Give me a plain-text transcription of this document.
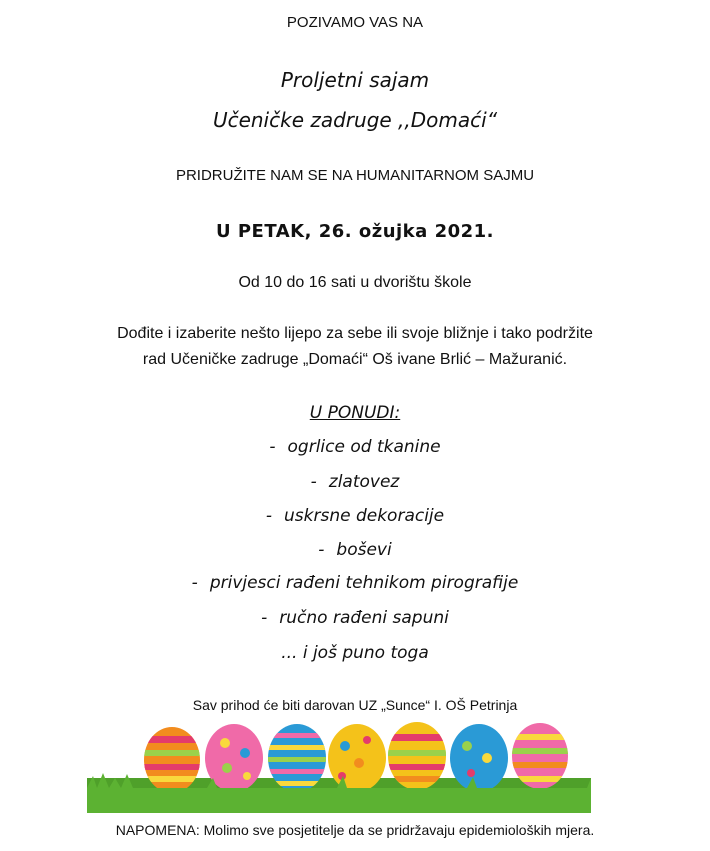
POZIVAMO VAS NA
Proljetni sajam
Učeničke zadruge ,,Domaći“
PRIDRUŽITE NAM SE NA HUMANITARNOM SAJMU
U PETAK, 26. ožujka 2021.
Od 10 do 16 sati u dvorištu škole
Dođite i izaberite nešto lijepo za sebe ili svoje bližnje i tako podržite
rad Učeničke zadruge „Domaći“ Oš ivane Brlić – Mažuranić.
U PONUDI:
- ogrlice od tkanine
- zlatovez
- uskrsne dekoracije
- boševi
- privjesci rađeni tehnikom pirografije
- ručno rađeni sapuni
... i još puno toga
Sav prihod će biti darovan UZ „Sunce“ I. OŠ Petrinja
NAPOMENA: Molimo sve posjetitelje da se pridržavaju epidemioloških mjera.
